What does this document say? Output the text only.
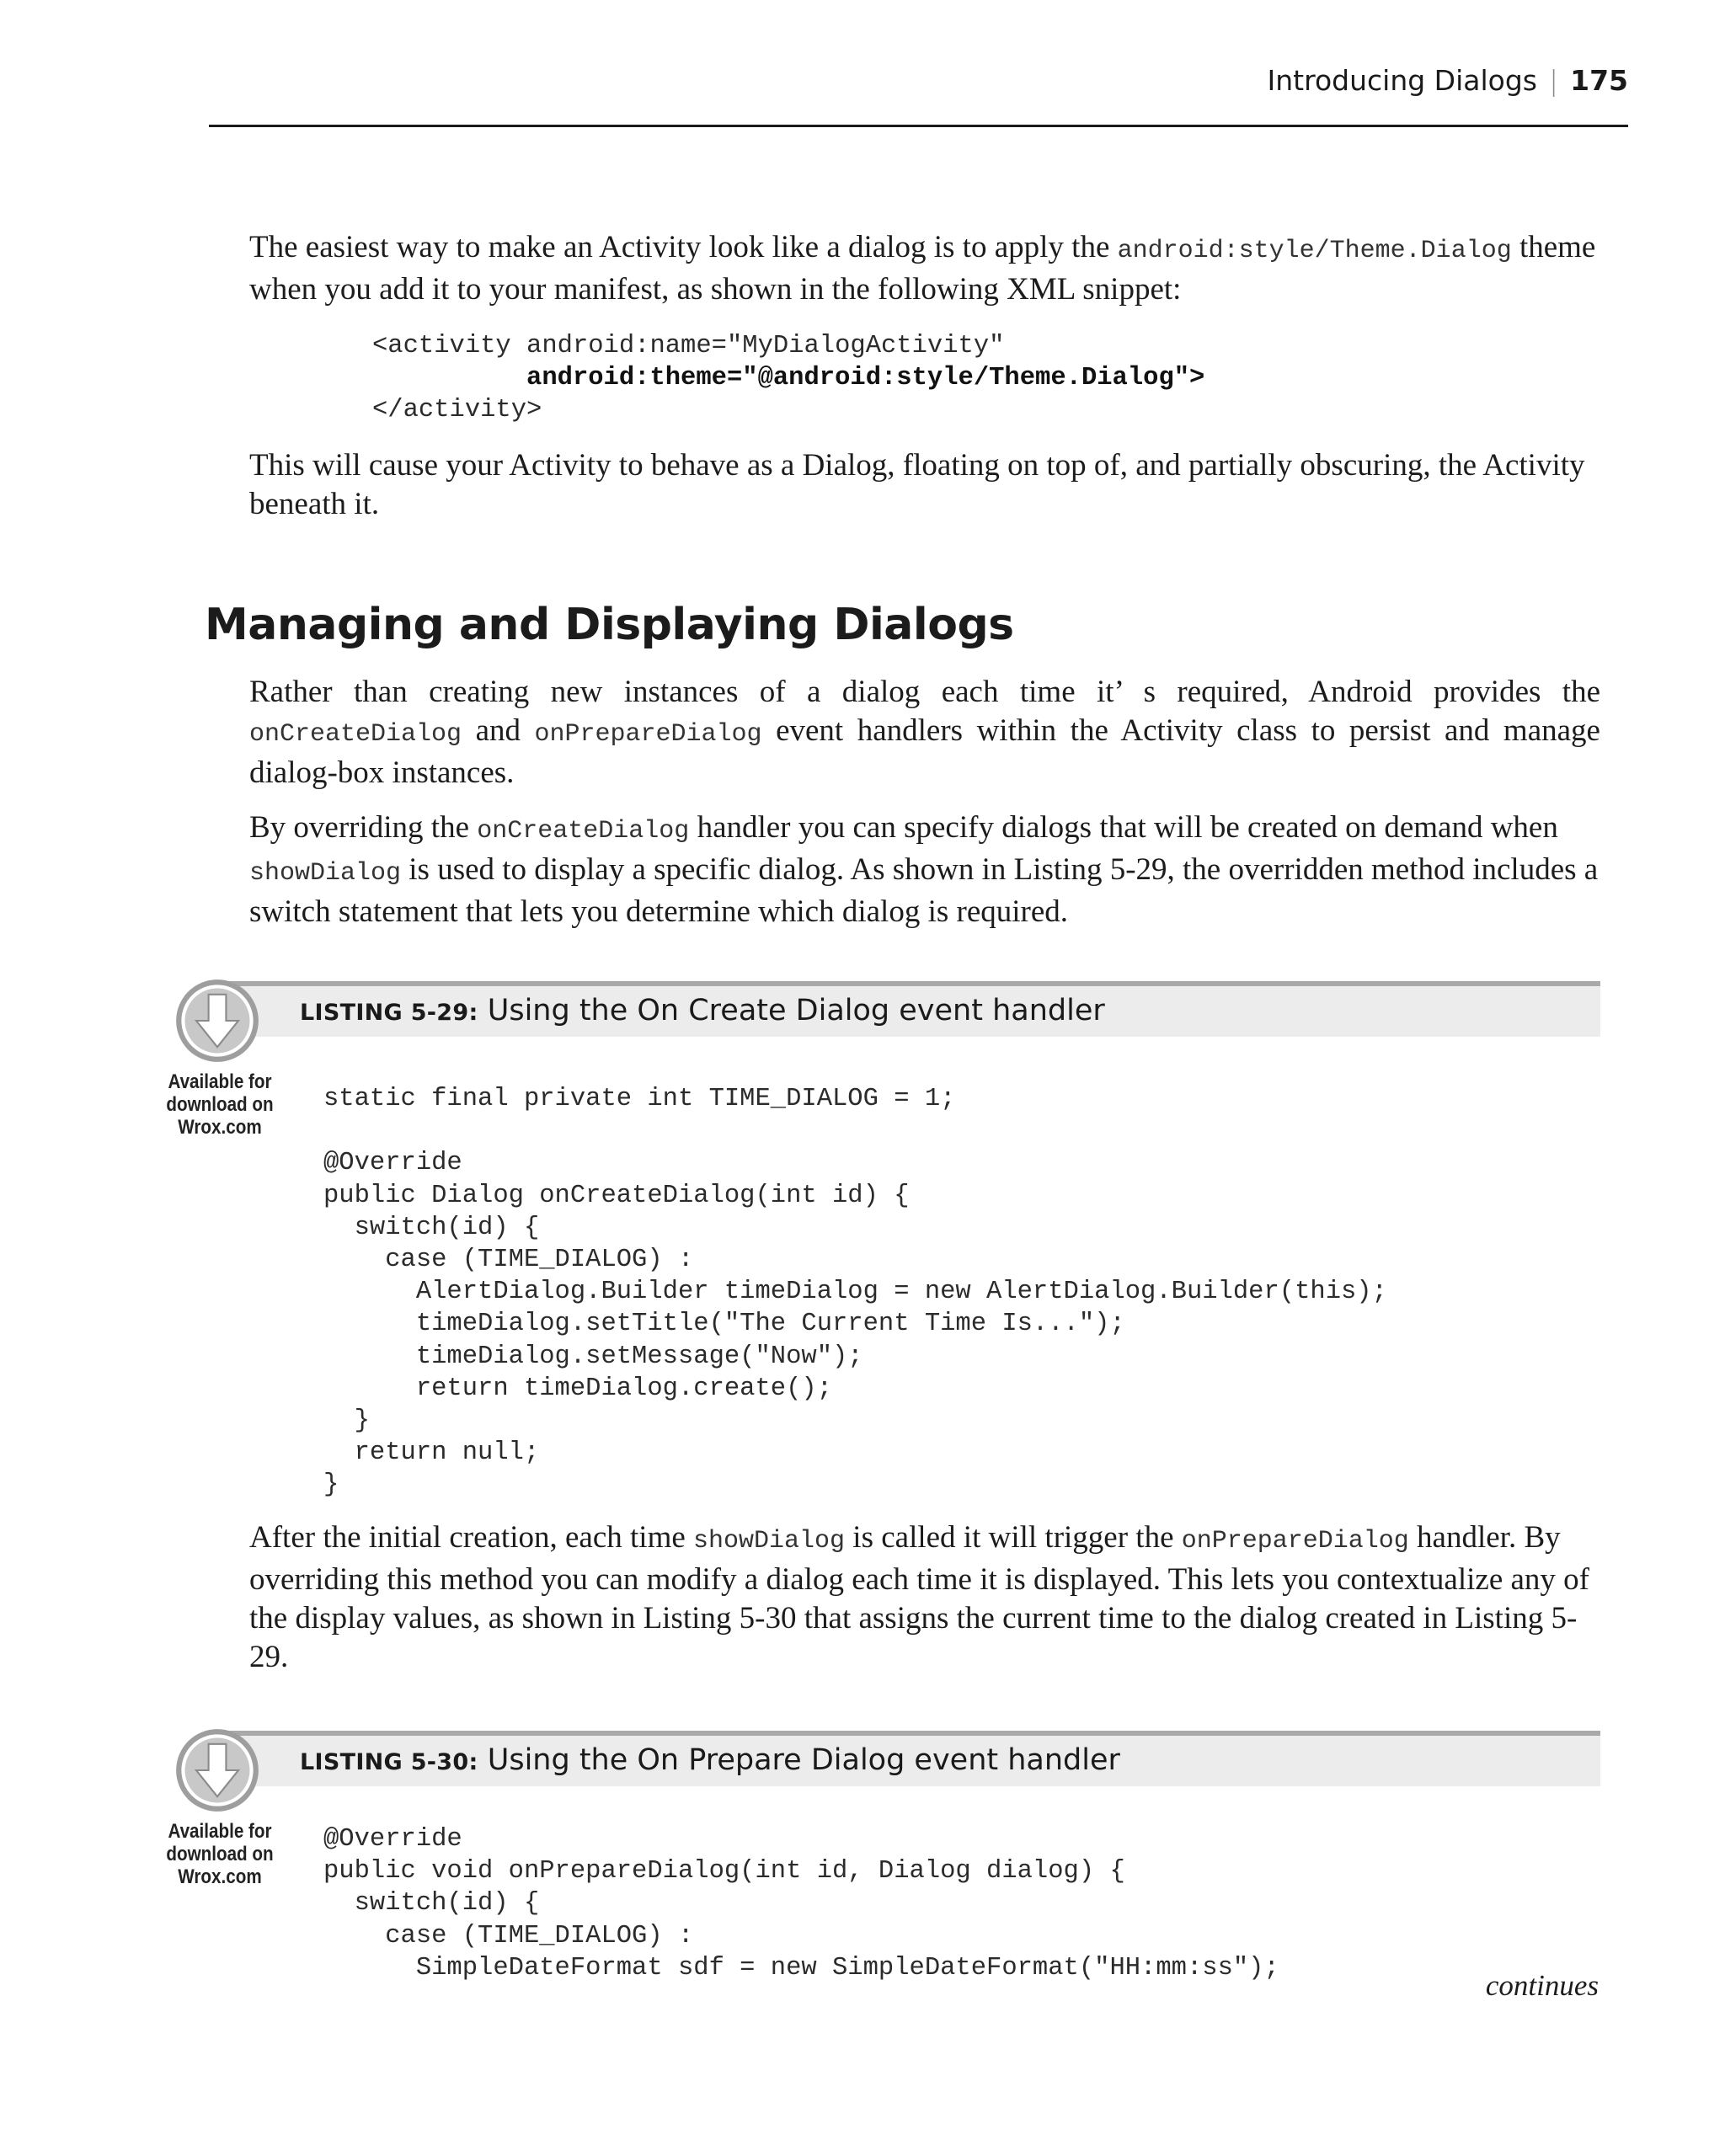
Introducing Dialogs | 175

The easiest way to make an Activity look like a dialog is to apply the android:style/Theme.Dialog theme when you add it to your manifest, as shown in the following XML snippet:

<activity android:name="MyDialogActivity"
android:theme="@android:style/Theme.Dialog">
</activity>

This will cause your Activity to behave as a Dialog, floating on top of, and partially obscuring, the Activity beneath it.

Managing and Displaying Dialogs

Rather than creating new instances of a dialog each time it’ s required, Android provides the onCreateDialog and onPrepareDialog event handlers within the Activity class to persist and manage dialog-box instances.

By overriding the onCreateDialog handler you can specify dialogs that will be created on demand when showDialog is used to display a specific dialog. As shown in Listing 5-29, the overridden method includes a switch statement that lets you determine which dialog is required.

LISTING 5-29: Using the On Create Dialog event handler

Available for
download on
Wrox.com
static final private int TIME_DIALOG = 1;

@Override
public Dialog onCreateDialog(int id) {
switch(id) {
case (TIME_DIALOG) :
AlertDialog.Builder timeDialog = new AlertDialog.Builder(this);
timeDialog.setTitle("The Current Time Is...");
timeDialog.setMessage("Now");
return timeDialog.create();
}
return null;
}

After the initial creation, each time showDialog is called it will trigger the onPrepareDialog handler. By overriding this method you can modify a dialog each time it is displayed. This lets you contextualize any of the display values, as shown in Listing 5-30 that assigns the current time to the dialog created in Listing 5-29.

LISTING 5-30: Using the On Prepare Dialog event handler

Available for
download on
Wrox.com
@Override
public void onPrepareDialog(int id, Dialog dialog) {
switch(id) {
case (TIME_DIALOG) :
SimpleDateFormat sdf = new SimpleDateFormat("HH:mm:ss");
continues
